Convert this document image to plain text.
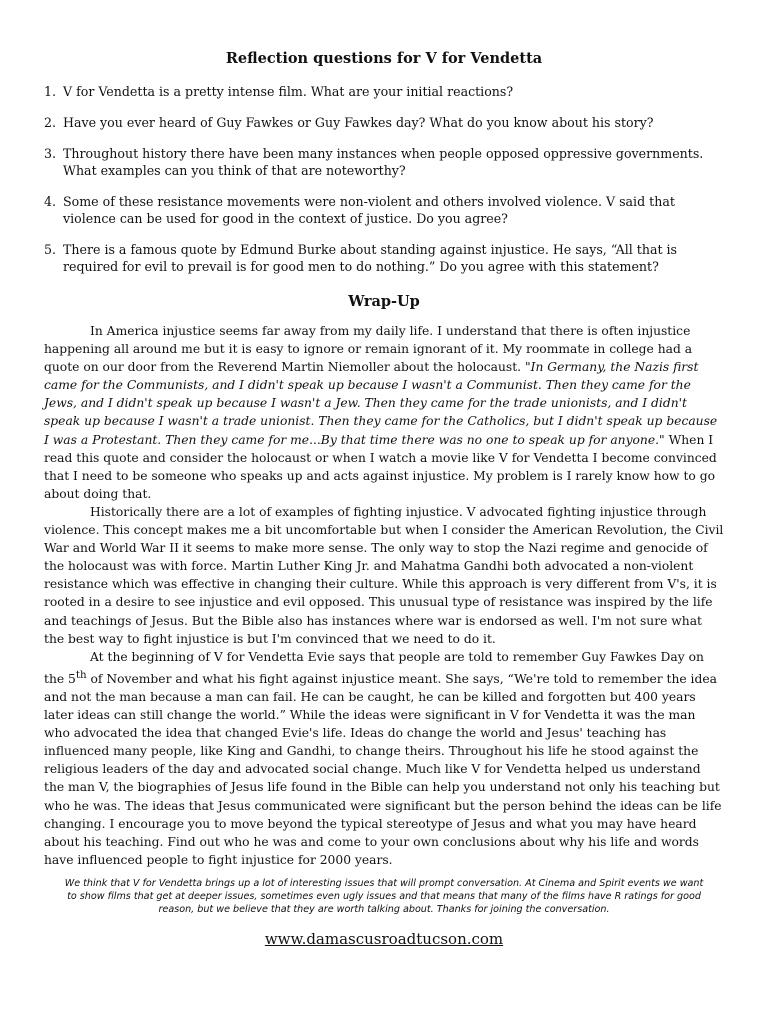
Reflection questions for V for Vendetta
1. V for Vendetta is a pretty intense film. What are your initial reactions?
2. Have you ever heard of Guy Fawkes or Guy Fawkes day? What do you know about his story?
3. Throughout history there have been many instances when people opposed oppressive governments. What examples can you think of that are noteworthy?
4. Some of these resistance movements were non-violent and others involved violence. V said that violence can be used for good in the context of justice. Do you agree?
5. There is a famous quote by Edmund Burke about standing against injustice. He says, “All that is required for evil to prevail is for good men to do nothing.” Do you agree with this statement?
Wrap-Up

In America injustice seems far away from my daily life. I understand that there is often injustice happening all around me but it is easy to ignore or remain ignorant of it. My roommate in college had a quote on our door from the Reverend Martin Niemoller about the holocaust. "In Germany, the Nazis first came for the Communists, and I didn't speak up because I wasn't a Communist. Then they came for the Jews, and I didn't speak up because I wasn't a Jew. Then they came for the trade unionists, and I didn't speak up because I wasn't a trade unionist. Then they came for the Catholics, but I didn't speak up because I was a Protestant. Then they came for me...By that time there was no one to speak up for anyone." When I read this quote and consider the holocaust or when I watch a movie like V for Vendetta I become convinced that I need to be someone who speaks up and acts against injustice. My problem is I rarely know how to go about doing that.

Historically there are a lot of examples of fighting injustice. V advocated fighting injustice through violence. This concept makes me a bit uncomfortable but when I consider the American Revolution, the Civil War and World War II it seems to make more sense. The only way to stop the Nazi regime and genocide of the holocaust was with force. Martin Luther King Jr. and Mahatma Gandhi both advocated a non-violent resistance which was effective in changing their culture. While this approach is very different from V's, it is rooted in a desire to see injustice and evil opposed. This unusual type of resistance was inspired by the life and teachings of Jesus. But the Bible also has instances where war is endorsed as well. I'm not sure what the best way to fight injustice is but I'm convinced that we need to do it.

At the beginning of V for Vendetta Evie says that people are told to remember Guy Fawkes Day on the 5th of November and what his fight against injustice meant. She says, “We're told to remember the idea and not the man because a man can fail. He can be caught, he can be killed and forgotten but 400 years later ideas can still change the world.” While the ideas were significant in V for Vendetta it was the man who advocated the idea that changed Evie's life. Ideas do change the world and Jesus' teaching has influenced many people, like King and Gandhi, to change theirs. Throughout his life he stood against the religious leaders of the day and advocated social change. Much like V for Vendetta helped us understand the man V, the biographies of Jesus life found in the Bible can help you understand not only his teaching but who he was. The ideas that Jesus communicated were significant but the person behind the ideas can be life changing. I encourage you to move beyond the typical stereotype of Jesus and what you may have heard about his teaching. Find out who he was and come to your own conclusions about why his life and words have influenced people to fight injustice for 2000 years.

We think that V for Vendetta brings up a lot of interesting issues that will prompt conversation. At Cinema and Spirit events we want to show films that get at deeper issues, sometimes even ugly issues and that means that many of the films have R ratings for good reason, but we believe that they are worth talking about. Thanks for joining the conversation.
www.damascusroadtucson.com
